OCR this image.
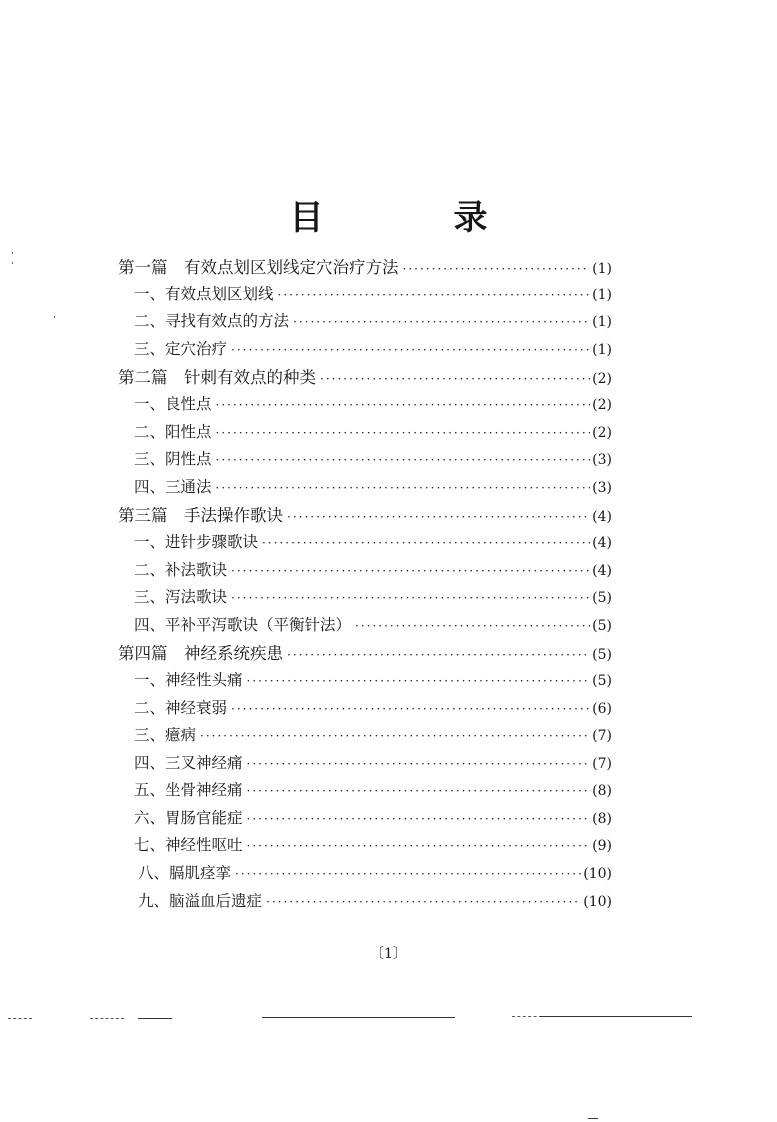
目　录
第一篇　有效点划区划线定穴治疗方法 ·····	(1)
一、有效点划区划线 ·····	(1)
二、寻找有效点的方法 ·····	(1)
三、定穴治疗 ·····	(1)
第二篇　针刺有效点的种类 ·····	(2)
一、良性点 ·····	(2)
二、阳性点 ·····	(2)
三、阴性点 ·····	(3)
四、三通法 ·····	(3)
第三篇　手法操作歌诀 ·····	(4)
一、进针步骤歌诀 ·····	(4)
二、补法歌诀 ·····	(4)
三、泻法歌诀 ·····	(5)
四、平补平泻歌诀（平衡针法） ·····	(5)
第四篇　神经系统疾患 ·····	(5)
一、神经性头痛 ·····	(5)
二、神经衰弱 ·····	(6)
三、癔病 ·····	(7)
四、三叉神经痛 ·····	(7)
五、坐骨神经痛 ·····	(8)
六、胃肠官能症 ·····	(8)
七、神经性呕吐 ·····	(9)
八、膈肌痉挛 ·····	(10)
九、脑溢血后遗症 ·····	(10)
〔1〕
